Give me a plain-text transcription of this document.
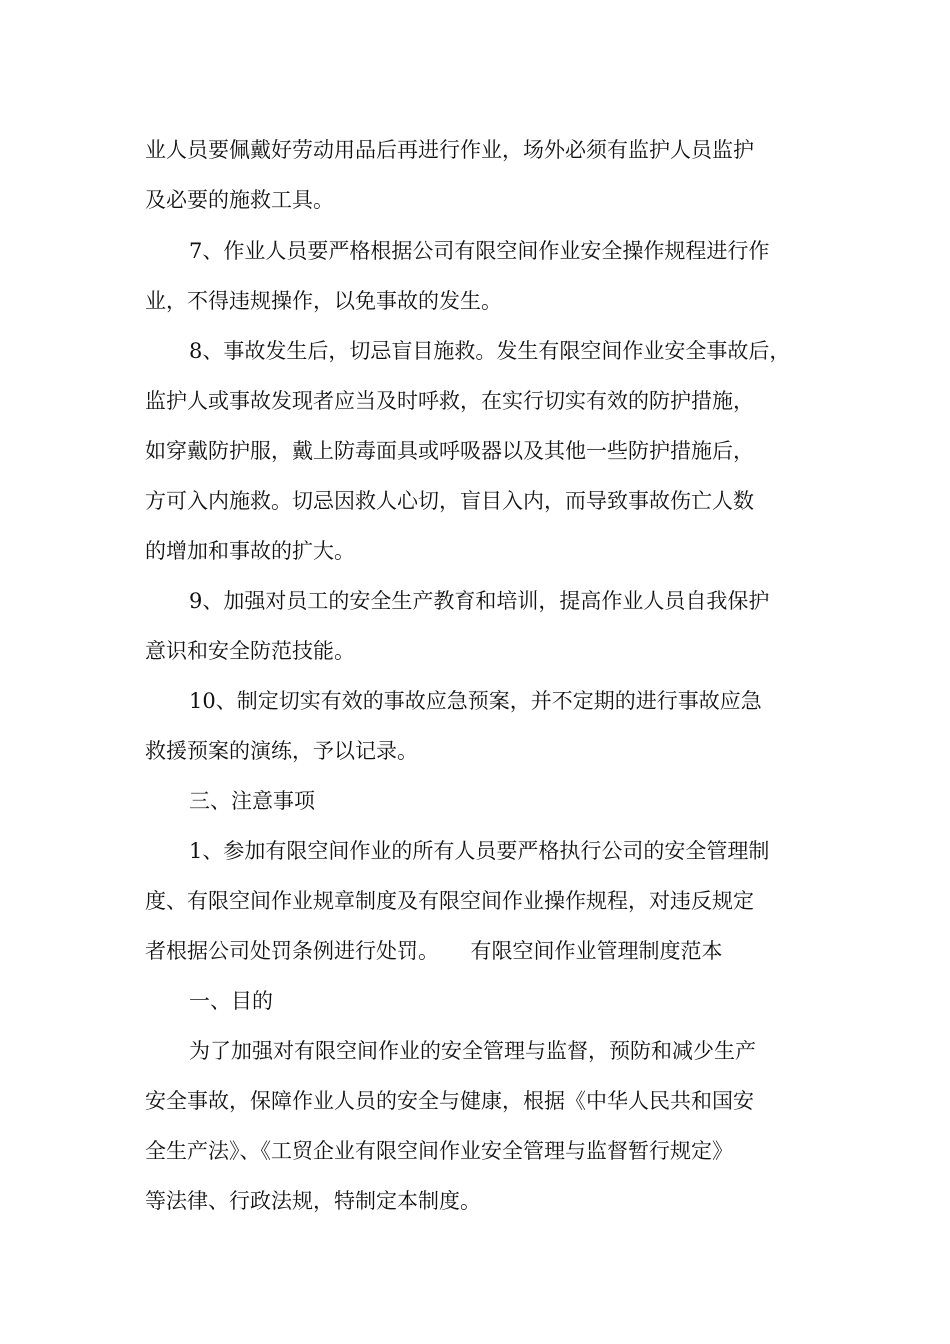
业人员要佩戴好劳动用品后再进行作业，场外必须有监护人员监护

及必要的施救工具。

7、作业人员要严格根据公司有限空间作业安全操作规程进行作

业，不得违规操作，以免事故的发生。

8、事故发生后，切忌盲目施救。发生有限空间作业安全事故后，

监护人或事故发现者应当及时呼救，在实行切实有效的防护措施，

如穿戴防护服，戴上防毒面具或呼吸器以及其他一些防护措施后，

方可入内施救。切忌因救人心切，盲目入内，而导致事故伤亡人数

的增加和事故的扩大。

9、加强对员工的安全生产教育和培训，提高作业人员自我保护

意识和安全防范技能。

10、制定切实有效的事故应急预案，并不定期的进行事故应急

救援预案的演练，予以记录。

三、注意事项

1、参加有限空间作业的所有人员要严格执行公司的安全管理制

度、有限空间作业规章制度及有限空间作业操作规程，对违反规定

者根据公司处罚条例进行处罚。　　有限空间作业管理制度范本

一、目的

为了加强对有限空间作业的安全管理与监督，预防和减少生产

安全事故，保障作业人员的安全与健康，根据《中华人民共和国安

全生产法》、《工贸企业有限空间作业安全管理与监督暂行规定》

等法律、行政法规，特制定本制度。
